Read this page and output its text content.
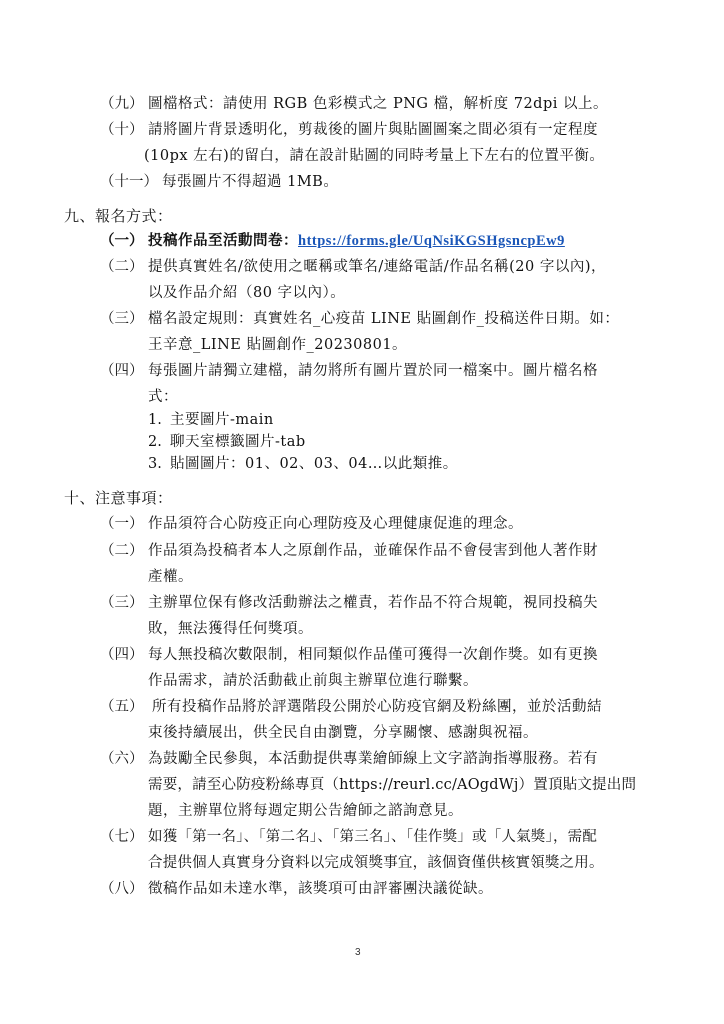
（九） 圖檔格式：請使用 RGB 色彩模式之 PNG 檔，解析度 72dpi 以上。
（十） 請將圖片背景透明化，剪裁後的圖片與貼圖圖案之間必須有一定程度
(10px 左右)的留白，請在設計貼圖的同時考量上下左右的位置平衡。
（十一） 每張圖片不得超過 1MB。
九、報名方式：
（一） 投稿作品至活動問卷：https://forms.gle/UqNsiKGSHgsncpEw9
（二） 提供真實姓名/欲使用之暱稱或筆名/連絡電話/作品名稱(20 字以內)，
以及作品介紹（80 字以內）。
（三） 檔名設定規則：真實姓名_心疫苗 LINE 貼圖創作_投稿送件日期。如：
王辛意_LINE 貼圖創作_20230801。
（四） 每張圖片請獨立建檔，請勿將所有圖片置於同一檔案中。圖片檔名格
式：
1. 主要圖片-main
2. 聊天室標籤圖片-tab
3. 貼圖圖片：01、02、03、04…以此類推。
十、注意事項：
（一） 作品須符合心防疫正向心理防疫及心理健康促進的理念。
（二） 作品須為投稿者本人之原創作品，並確保作品不會侵害到他人著作財
產權。
（三） 主辦單位保有修改活動辦法之權責，若作品不符合規範，視同投稿失
敗，無法獲得任何獎項。
（四） 每人無投稿次數限制，相同類似作品僅可獲得一次創作獎。如有更換
作品需求，請於活動截止前與主辦單位進行聯繫。
（五） 所有投稿作品將於評選階段公開於心防疫官網及粉絲團，並於活動結
束後持續展出，供全民自由瀏覽，分享關懷、感謝與祝福。
（六） 為鼓勵全民參與，本活動提供專業繪師線上文字諮詢指導服務。若有
需要，請至心防疫粉絲專頁（https://reurl.cc/AOgdWj）置頂貼文提出問
題，主辦單位將每週定期公告繪師之諮詢意見。
（七） 如獲「第一名」、「第二名」、「第三名」、「佳作獎」或「人氣獎」，需配
合提供個人真實身分資料以完成領獎事宜，該個資僅供核實領獎之用。
（八） 徵稿作品如未達水準，該獎項可由評審團決議從缺。
3
